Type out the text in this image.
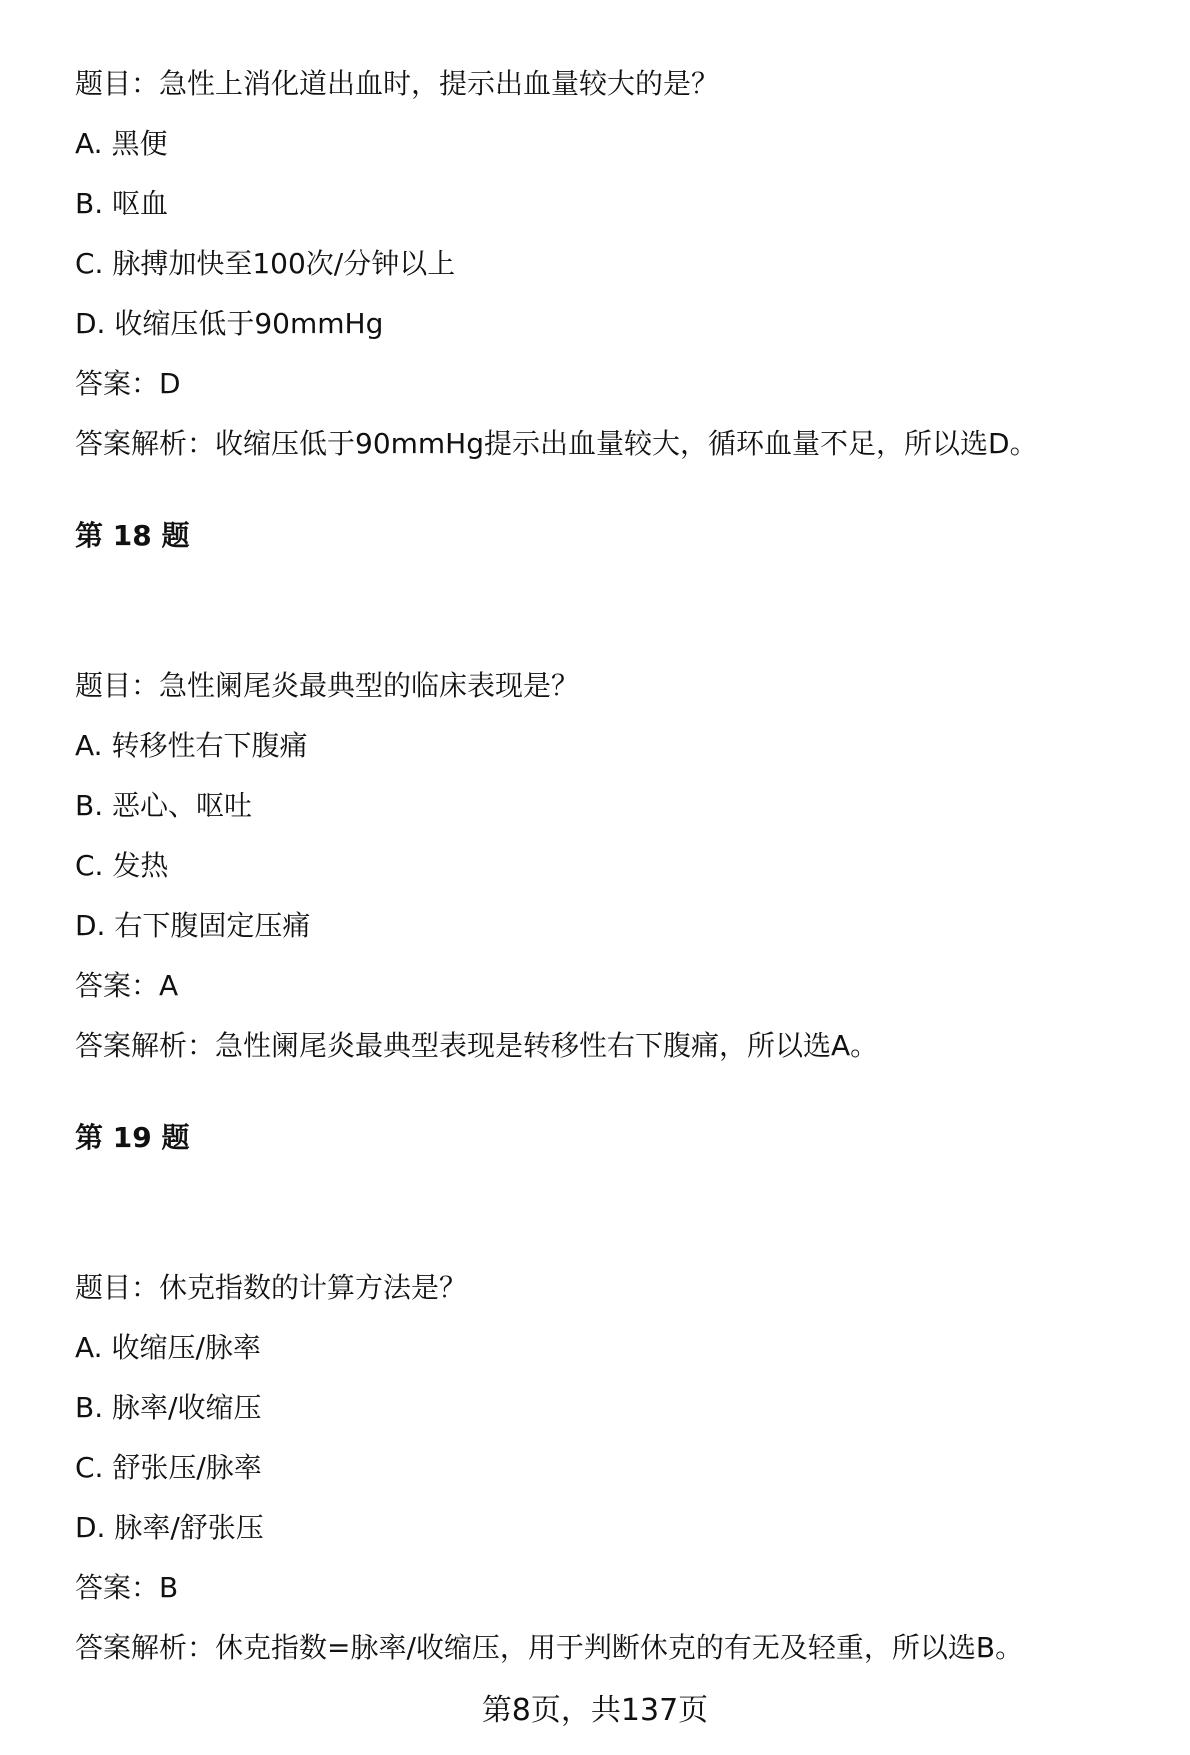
题目：急性上消化道出血时，提示出血量较大的是？
A. 黑便
B. 呕血
C. 脉搏加快至100次/分钟以上
D. 收缩压低于90mmHg
答案：D
答案解析：收缩压低于90mmHg提示出血量较大，循环血量不足，所以选D。
第 18 题
题目：急性阑尾炎最典型的临床表现是？
A. 转移性右下腹痛
B. 恶心、呕吐
C. 发热
D. 右下腹固定压痛
答案：A
答案解析：急性阑尾炎最典型表现是转移性右下腹痛，所以选A。
第 19 题
题目：休克指数的计算方法是？
A. 收缩压/脉率
B. 脉率/收缩压
C. 舒张压/脉率
D. 脉率/舒张压
答案：B
答案解析：休克指数=脉率/收缩压，用于判断休克的有无及轻重，所以选B。
第8页，共137页
